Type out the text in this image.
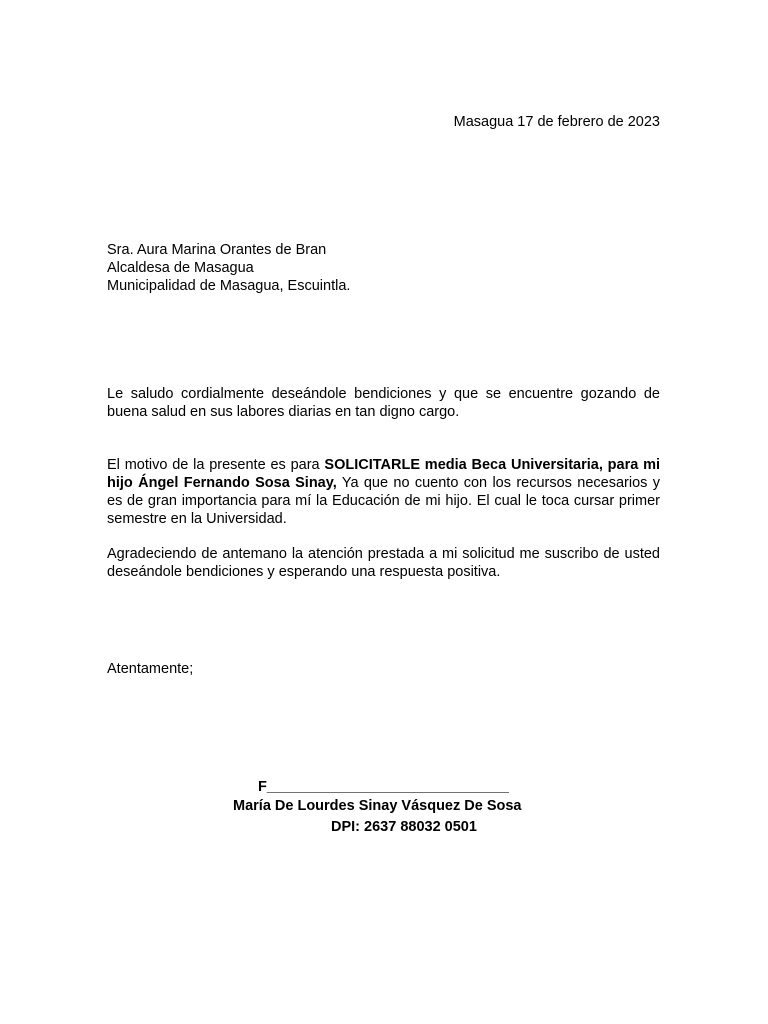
Masagua 17 de febrero de 2023
Sra. Aura Marina Orantes de Bran
Alcaldesa de Masagua
Municipalidad de Masagua, Escuintla.

Le saludo cordialmente deseándole bendiciones y que se encuentre gozando de buena salud en sus labores diarias en tan digno cargo.

El motivo de la presente es para SOLICITARLE media Beca Universitaria, para mi hijo Ángel Fernando Sosa Sinay, Ya que no cuento con los recursos necesarios y es de gran importancia para mí la Educación de mi hijo. El cual le toca cursar primer semestre en la Universidad.

Agradeciendo de antemano la atención prestada a mi solicitud me suscribo de usted deseándole bendiciones y esperando una respuesta positiva.

Atentamente;
F______________________________
María De Lourdes Sinay Vásquez De Sosa
DPI: 2637 88032 0501
